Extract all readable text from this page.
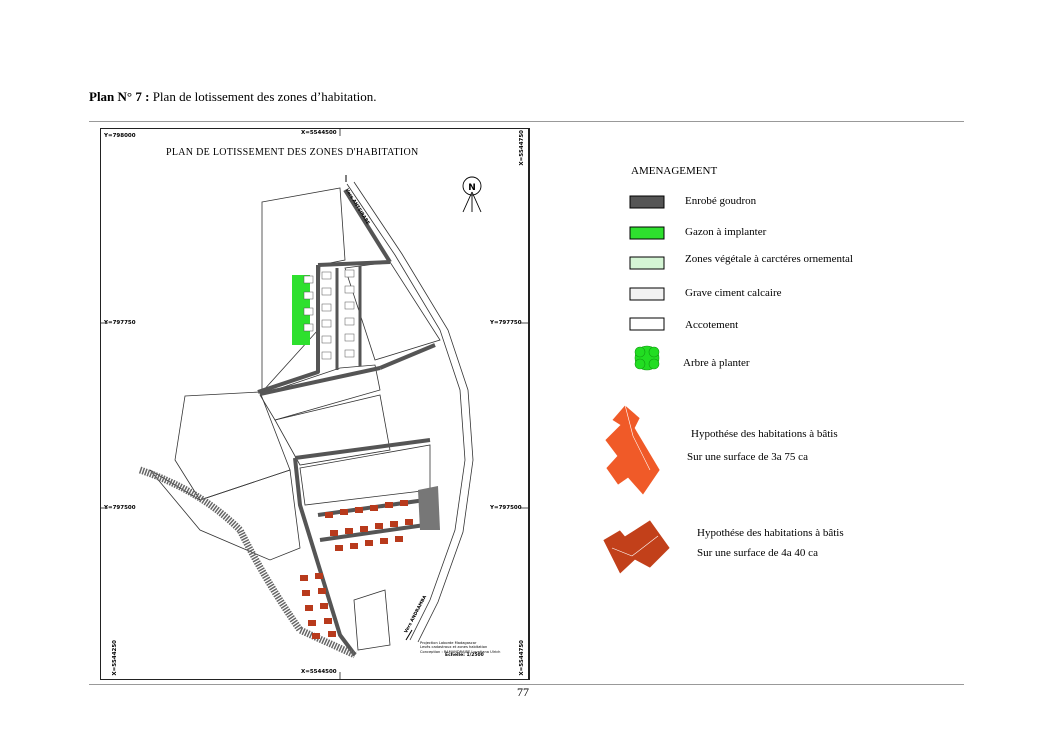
Plan N° 7 : Plan de lotissement des zones d’habitation.
N
PLAN DE LOTISSEMENT DES ZONES D'HABITATION
Y=798000	X=5544500	X=5544750
Y=797750	Y=797750
Y=797500	Y=797500
X=5544250	X=5544500	X=5544750
Vers ANTSIRABE
Vers ANDRAMBA
Projection Laborde Madagascar
Levés cadastraux et zones habitation
Conception : RAMANDRAIBE Lovatiana Ulrich
Echelle: 1/2500
AMENAGEMENT
Enrobé goudron
Gazon à implanter
Zones végétale à carctéres ornemental
Grave ciment calcaire
Accotement
Arbre à planter
Hypothése des habitations à bâtis
Sur une surface de 3a 75 ca
Hypothése des habitations à bâtis
Sur une surface de 4a 40 ca
77
